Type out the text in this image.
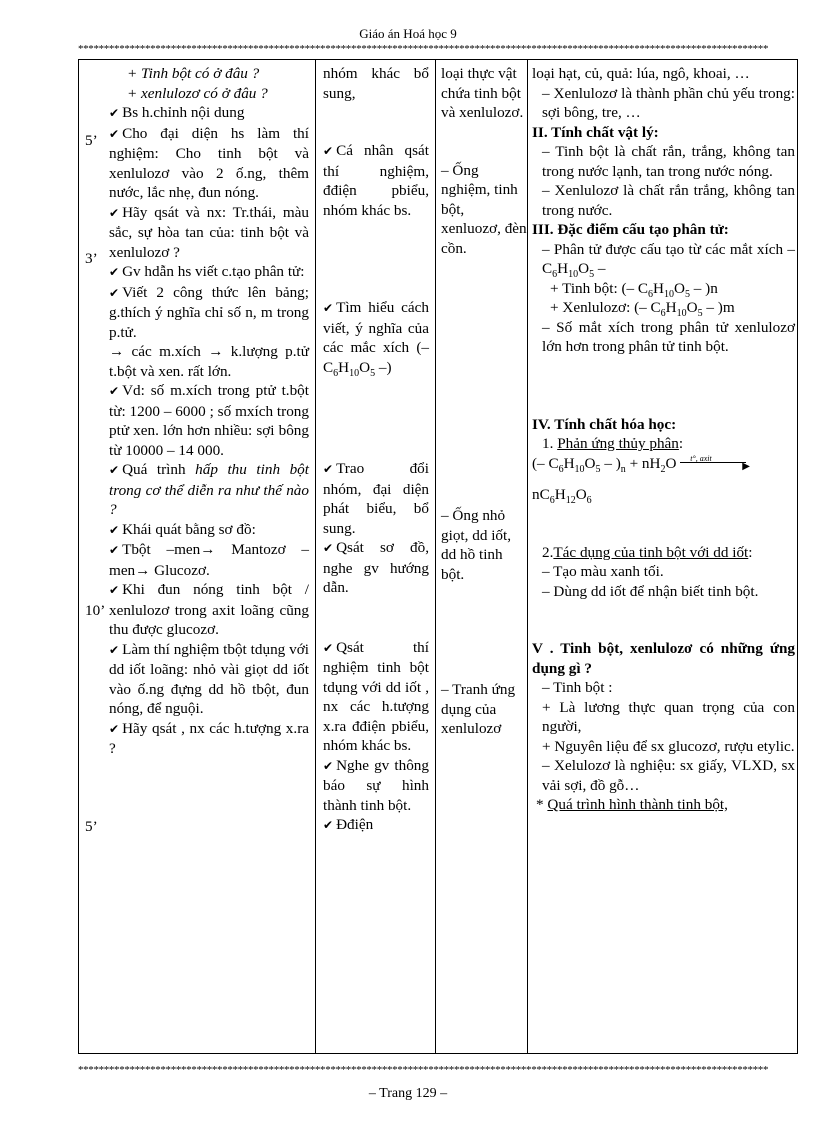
Giáo án Hoá học 9
**************************************************************************************************************************************
5’
3’
10’
5’

+ Tinh bột có ở đâu ?

+ xenlulozơ có ở đâu ?

✔ Bs h.chỉnh nội dung

✔ Cho đại diện hs làm thí nghiệm: Cho tinh bột và xenlulozơ vào 2 ố.ng, thêm nước, lắc nhẹ, đun nóng.

✔ Hãy qsát và nx: Tr.thái, màu sắc, sự hòa tan của: tinh bột và xenlulozơ ?

✔ Gv hdẫn hs viết c.tạo phân tử:

✔ Viết 2 công thức lên bảng; g.thích ý nghĩa chỉ số n, m trong p.tử.

→ các m.xích → k.lượng p.tử t.bột và xen. rất lớn.

✔ Vd: số m.xích trong ptử t.bột từ: 1200 – 6000 ; số mxích trong ptử xen. lớn hơn nhiều: sợi bông từ 10000 – 14 000.

✔ Quá trình hấp thu tinh bột trong cơ thể diễn ra như thế nào ?

✔ Khái quát bằng sơ đồ:

✔ Tbột –men→ Mantozơ –men→ Glucozơ.

✔ Khi đun nóng tinh bột / xenlulozơ trong axit loãng cũng thu được glucozơ.

✔ Làm thí nghiệm tbột tdụng với dd iốt loãng: nhỏ vài giọt dd iốt vào ố.ng đựng dd hồ tbột, đun nóng, để nguội.

✔ Hãy qsát , nx các h.tượng x.ra ?

nhóm khác bổ sung,

✔ Cá nhân qsát thí nghiệm, đđiện pbiểu, nhóm khác bs.

✔ Tìm hiểu cách viết, ý nghĩa của các mắc xích ($-C_6H_{10}O_5$ –)

✔ Trao đổi nhóm, đại diện phát biểu, bổ sung.

✔ Qsát sơ đồ, nghe gv hướng dẫn.

✔ Qsát thí nghiệm tinh bột tdụng với dd iốt , nx các h.tượng x.ra đđiện pbiểu, nhóm khác bs.

✔ Nghe gv thông báo sự hình thành tinh bột.

✔ Đđiện

loại thực vật chứa tinh bột và xenlulozơ.

– Ống nghiệm, tinh bột, xenluozơ, đèn cồn.

– Ống nhỏ giọt, dd iốt, dd hồ tinh bột.

– Tranh ứng dụng của xenlulozơ

loại hạt, củ, quả: lúa, ngô, khoai, …

– Xenlulozơ là thành phần chủ yếu trong: sợi bông, tre, …

II. Tính chất vật lý:

– Tinh bột là chất rắn, trắng, không tan trong nước lạnh, tan trong nước nóng.

– Xenlulozơ là chất rắn trắng, không tan trong nước.

III. Đặc điểm cấu tạo phân tử:

– Phân tử được cấu tạo từ các mắt xích – $C_6H_{10}O_5$ –

+ Tinh bột: (– $C_6H_{10}O_5 - )n$

+ Xenlulozơ: (– $C_6H_{10}O_5 - )m$

– Số mắt xích trong phân tử xenlulozơ lớn hơn trong phân tử tinh bột.

IV. Tính chất hóa học:

1. Phản ứng thủy phân:

(– $C_6H_{10}O_5 - )_n + nH_2O$ t°, axit
▶

$nC_6H_{12}O_6$

2.Tác dụng của tinh bột với dd iốt:

– Tạo màu xanh tối.

– Dùng dd iốt để nhận biết tinh bột.

V . Tinh bột, xenlulozơ có những ứng dụng gì ?

– Tinh bột :

+ Là lương thực quan trọng của con người,

+ Nguyên liệu để sx glucozơ, rượu etylic.

– Xelulozơ là nghiệu: sx giấy, VLXD, sx vải sợi, đồ gỗ…

* Quá trình hình thành tinh bột,

**************************************************************************************************************************************
– Trang 129 –
